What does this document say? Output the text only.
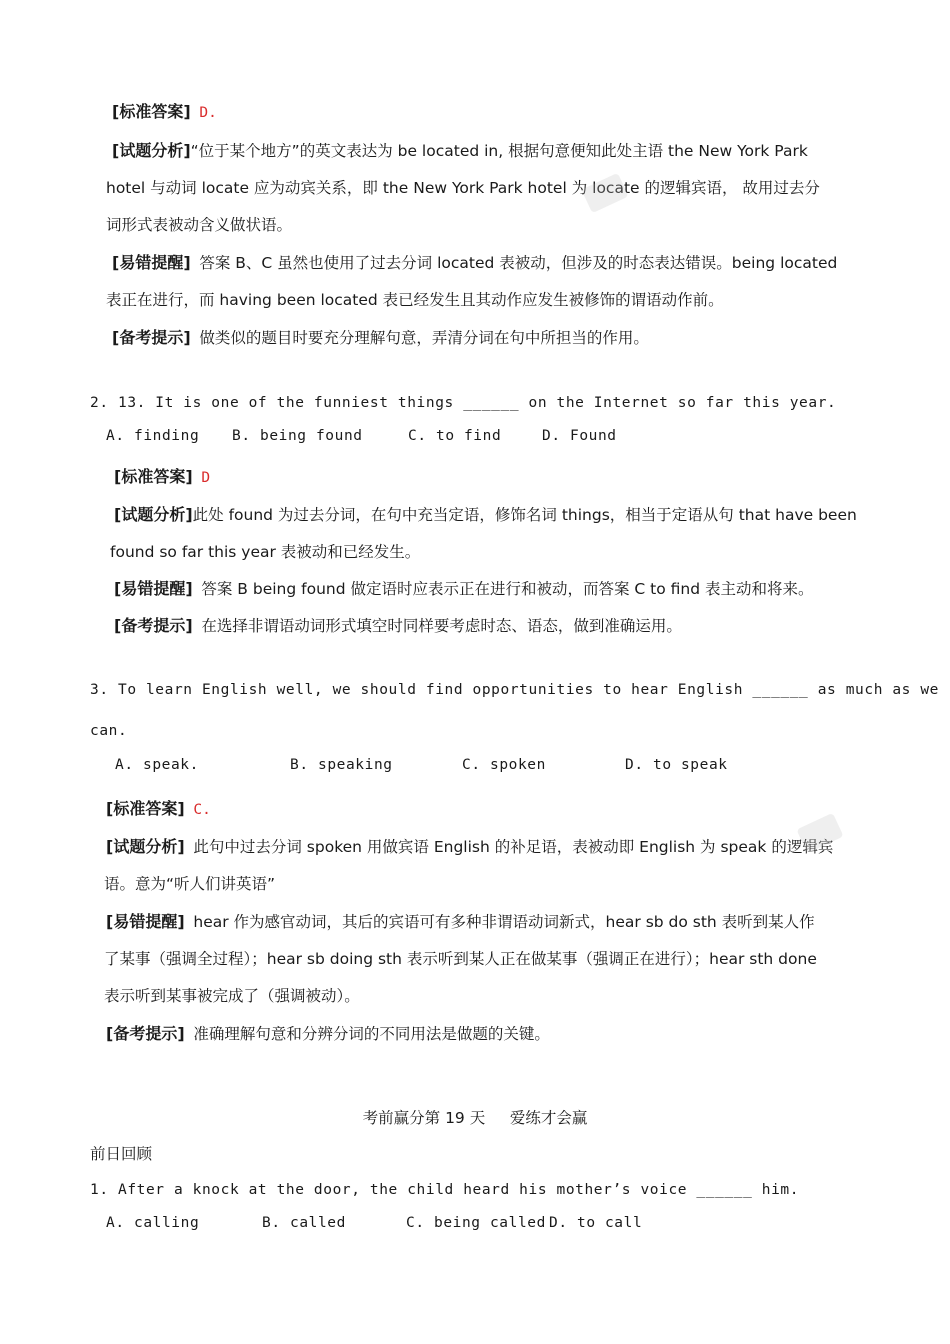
[标准答案] D.
[试题分析]“位于某个地方”的英文表达为 be located in, 根据句意便知此处主语 the New York Park
hotel 与动词 locate 应为动宾关系，即 the New York Park hotel 为 locate 的逻辑宾语， 故用过去分
词形式表被动含义做状语。
[易错提醒] 答案 B、C 虽然也使用了过去分词 located 表被动，但涉及的时态表达错误。being located
表正在进行，而 having been located 表已经发生且其动作应发生被修饰的谓语动作前。
[备考提示] 做类似的题目时要充分理解句意，弄清分词在句中所担当的作用。
2. 13. It is one of the funniest things ______ on the Internet so far this year.
A. finding B. being found	C. to find	D. Found
[标准答案] D
[试题分析]此处 found 为过去分词，在句中充当定语，修饰名词 things，相当于定语从句 that have been
found so far this year 表被动和已经发生。
[易错提醒] 答案 B being found 做定语时应表示正在进行和被动，而答案 C to find 表主动和将来。
[备考提示] 在选择非谓语动词形式填空时同样要考虑时态、语态，做到准确运用。
3. To learn English well, we should find opportunities to hear English ______ as much as we
can.
A. speak.	B. speaking	C. spoken	D. to speak
[标准答案] C.
[试题分析] 此句中过去分词 spoken 用做宾语 English 的补足语，表被动即 English 为 speak 的逻辑宾
语。意为“听人们讲英语”
[易错提醒] hear 作为感官动词，其后的宾语可有多种非谓语动词新式，hear sb do sth 表听到某人作
了某事（强调全过程）；hear sb doing sth 表示听到某人正在做某事（强调正在进行）；hear sth done
表示听到某事被完成了（强调被动）。
[备考提示] 准确理解句意和分辨分词的不同用法是做题的关键。
考前赢分第 19 天     爱练才会赢
前日回顾
1. After a knock at the door, the child heard his mother’s voice ______ him.
A. calling	B. called	C. being called D. to call
